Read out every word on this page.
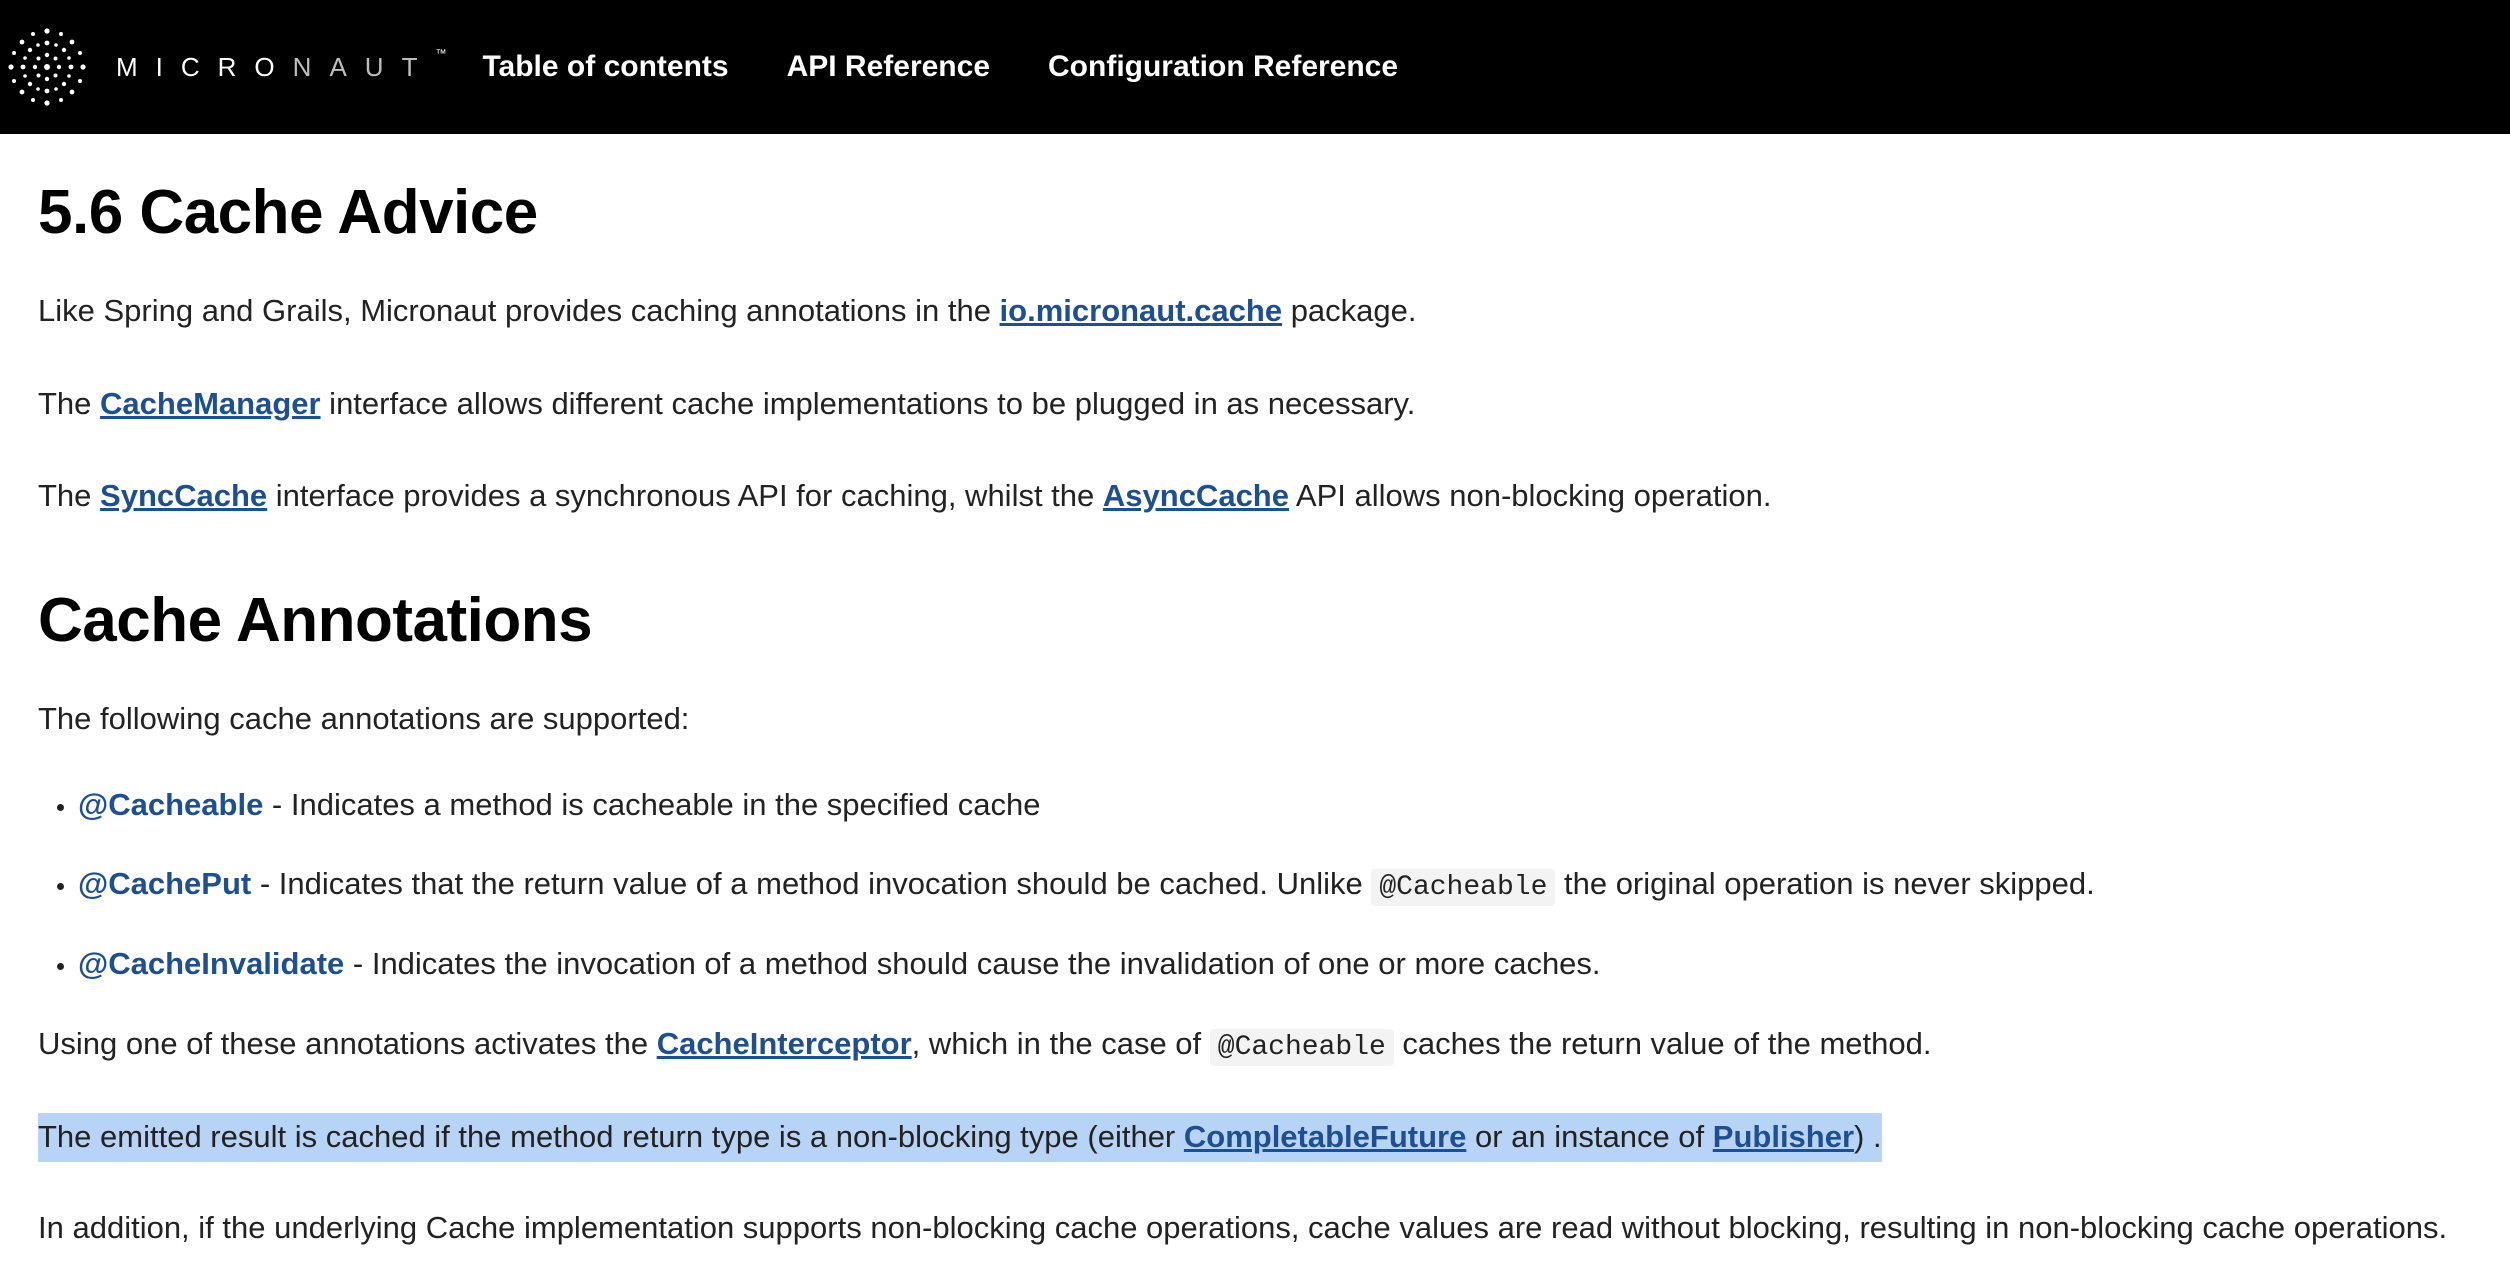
MICRONAUT™ Table of contents API Reference Configuration Reference
5.6 Cache Advice

Like Spring and Grails, Micronaut provides caching annotations in the io.micronaut.cache package.

The CacheManager interface allows different cache implementations to be plugged in as necessary.

The SyncCache interface provides a synchronous API for caching, whilst the AsyncCache API allows non-blocking operation.

Cache Annotations

The following cache annotations are supported:

• @Cacheable - Indicates a method is cacheable in the specified cache
• @CachePut - Indicates that the return value of a method invocation should be cached. Unlike @Cacheable the original operation is never skipped.
• @CacheInvalidate - Indicates the invocation of a method should cause the invalidation of one or more caches.

Using one of these annotations activates the CacheInterceptor, which in the case of @Cacheable caches the return value of the method.

The emitted result is cached if the method return type is a non-blocking type (either CompletableFuture or an instance of Publisher) .

In addition, if the underlying Cache implementation supports non-blocking cache operations, cache values are read without blocking, resulting in non-blocking cache operations.
